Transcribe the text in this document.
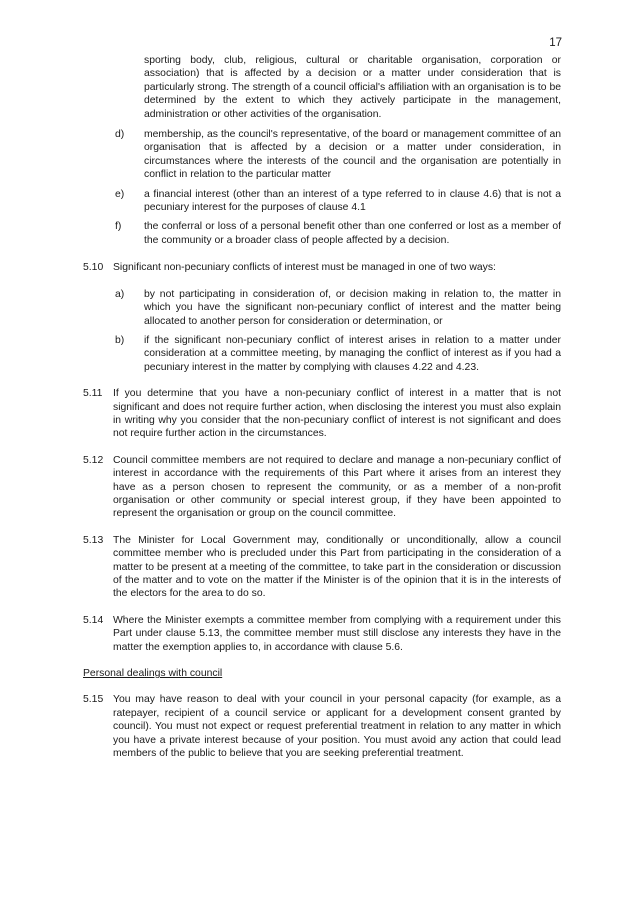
17
sporting body, club, religious, cultural or charitable organisation, corporation or association) that is affected by a decision or a matter under consideration that is particularly strong. The strength of a council official's affiliation with an organisation is to be determined by the extent to which they actively participate in the management, administration or other activities of the organisation.
d)	membership, as the council's representative, of the board or management committee of an organisation that is affected by a decision or a matter under consideration, in circumstances where the interests of the council and the organisation are potentially in conflict in relation to the particular matter
e)	a financial interest (other than an interest of a type referred to in clause 4.6) that is not a pecuniary interest for the purposes of clause 4.1
f)	the conferral or loss of a personal benefit other than one conferred or lost as a member of the community or a broader class of people affected by a decision.
5.10 Significant non-pecuniary conflicts of interest must be managed in one of two ways:
a)	by not participating in consideration of, or decision making in relation to, the matter in which you have the significant non-pecuniary conflict of interest and the matter being allocated to another person for consideration or determination, or
b)	if the significant non-pecuniary conflict of interest arises in relation to a matter under consideration at a committee meeting, by managing the conflict of interest as if you had a pecuniary interest in the matter by complying with clauses 4.22 and 4.23.
5.11	If you determine that you have a non-pecuniary conflict of interest in a matter that is not significant and does not require further action, when disclosing the interest you must also explain in writing why you consider that the non-pecuniary conflict of interest is not significant and does not require further action in the circumstances.
5.12 Council committee members are not required to declare and manage a non-pecuniary conflict of interest in accordance with the requirements of this Part where it arises from an interest they have as a person chosen to represent the community, or as a member of a non-profit organisation or other community or special interest group, if they have been appointed to represent the organisation or group on the council committee.
5.13 The Minister for Local Government may, conditionally or unconditionally, allow a council committee member who is precluded under this Part from participating in the consideration of a matter to be present at a meeting of the committee, to take part in the consideration or discussion of the matter and to vote on the matter if the Minister is of the opinion that it is in the interests of the electors for the area to do so.
5.14 Where the Minister exempts a committee member from complying with a requirement under this Part under clause 5.13, the committee member must still disclose any interests they have in the matter the exemption applies to, in accordance with clause 5.6.
Personal dealings with council
5.15 You may have reason to deal with your council in your personal capacity (for example, as a ratepayer, recipient of a council service or applicant for a development consent granted by council). You must not expect or request preferential treatment in relation to any matter in which you have a private interest because of your position. You must avoid any action that could lead members of the public to believe that you are seeking preferential treatment.
